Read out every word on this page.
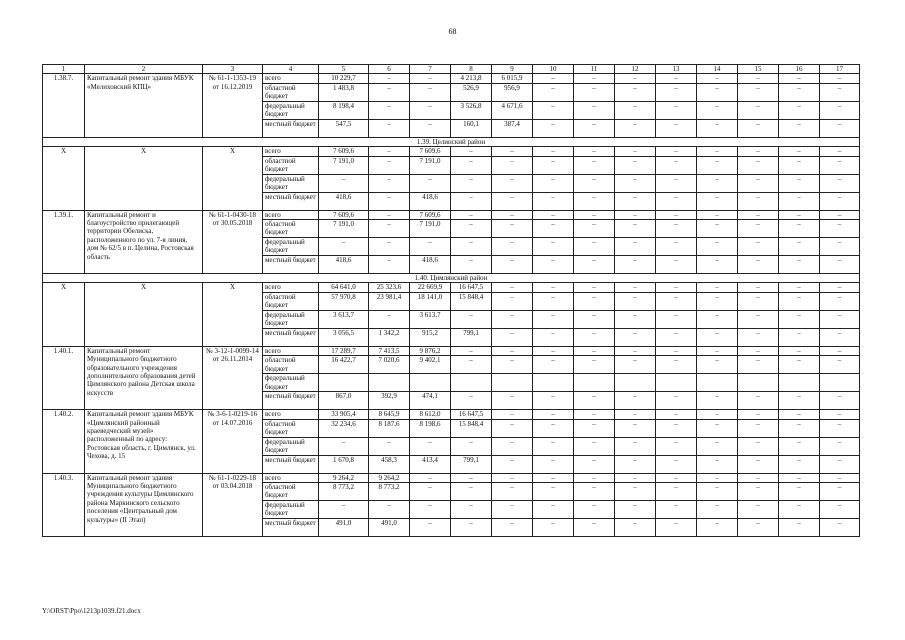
68
1	2	3	4	5	6	7	8	9	10	11	12	13	14	15	16	17
1.38.7.	Капитальный ремонт здания МБУК «Мелиховский КПЦ»	№ 61-1-1353-19 от 16.12.2019	всего	10 229,7	–	–	4 213,8	6 015,9	–	–	–	–	–	–	–	–
			областной бюджет	1 483,8	–	–	526,9	956,9	–	–	–	–	–	–	–	–
			федеральный бюджет	8 198,4	–	–	3 526,8	4 671,6	–	–	–	–	–	–	–	–
			местный бюджет	547,5	–	–	160,1	387,4	–	–	–	–	–	–	–	–
1.39. Целинский район																
Х	Х	Х	всего	7 609,6	–	7 609,6	–	–	–	–	–	–	–	–	–	–
			областной бюджет	7 191,0	–	7 191,0	–	–	–	–	–	–	–	–	–	–
			федеральный бюджет	–	–	–	–	–	–	–	–	–	–	–	–	–
			местный бюджет	418,6	–	418,6	–	–	–	–	–	–	–	–	–	–
1.39.1.	Капитальный ремонт и благоустройство прилегающей территории Обелиска, расположенного по ул. 7-я линия, дом № 62/5 в п. Целина, Ростовская область	№ 61-1-0430-18 от 30.05.2018	всего	7 609,6	–	7 609,6	–	–	–	–	–	–	–	–	–	–
			областной бюджет	7 191,0	–	7 191,0	–	–	–	–	–	–	–	–	–	–
			федеральный бюджет	–	–	–	–	–	–	–	–	–	–	–	–	–
			местный бюджет	418,6	–	418,6	–	–	–	–	–	–	–	–	–	–
1.40. Цимлянский район																
Х	Х	Х	всего	64 641,0	25 323,6	22 669,9	16 647,5	–	–	–	–	–	–	–	–	–
			областной бюджет	57 970,8	23 981,4	18 141,0	15 848,4	–	–	–	–	–	–	–	–	–
			федеральный бюджет	3 613,7	–	3 613,7	–	–	–	–	–	–	–	–	–	–
			местный бюджет	3 056,5	1 342,2	915,2	799,1	–	–	–	–	–	–	–	–	–
1.40.1.	Капитальный ремонт Муниципального бюджетного образовательного учреждения дополнительного образования детей Цимлянского района Детская школа искусств	№ 3-12-1-0099-14 от 26.11.2014	всего	17 289,7	7 413,5	9 876,2	–	–	–	–	–	–	–	–	–	–
			областной бюджет	16 422,7	7 020,6	9 402,1	–	–	–	–	–	–	–	–	–	–
			федеральный бюджет													
			местный бюджет	867,0	392,9	474,1	–	–	–	–	–	–	–	–	–	–
1.40.2.	Капитальный ремонт здания МБУК «Цимлянский районный краеведческий музей» расположенный по адресу: Ростовская область, г. Цимлянск, ул. Чехова, д. 15	№ 3-6-1-0219-16 от 14.07.2016	всего	33 905,4	8 645,9	8 612,0	16 647,5	–	–	–	–	–	–	–	–	–
			областной бюджет	32 234,6	8 187,6	8 198,6	15 848,4	–	–	–	–	–	–	–	–	–
			федеральный бюджет	–	–	–	–	–	–	–	–	–	–	–	–	–
			местный бюджет	1 670,8	458,3	413,4	799,1	–	–	–	–	–	–	–	–	–
1.40.3.	Капитальный ремонт здания Муниципального бюджетного учреждения культуры Цимлянского района Маркинского сельского поселения «Центральный дом культуры» (II Этап)	№ 61-1-0229-18 от 03.04.2018	всего	9 264,2	9 264,2	–	–	–	–	–	–	–	–	–	–	–
			областной бюджет	8 773,2	8 773,2	–	–	–	–	–	–	–	–	–	–	–
			федеральный бюджет	–	–	–	–	–	–	–	–	–	–	–	–	–
			местный бюджет	491,0	491,0	–	–	–	–	–	–	–	–	–	–	–
Y:\ORST\Ppo\1213p1039.f21.docx
